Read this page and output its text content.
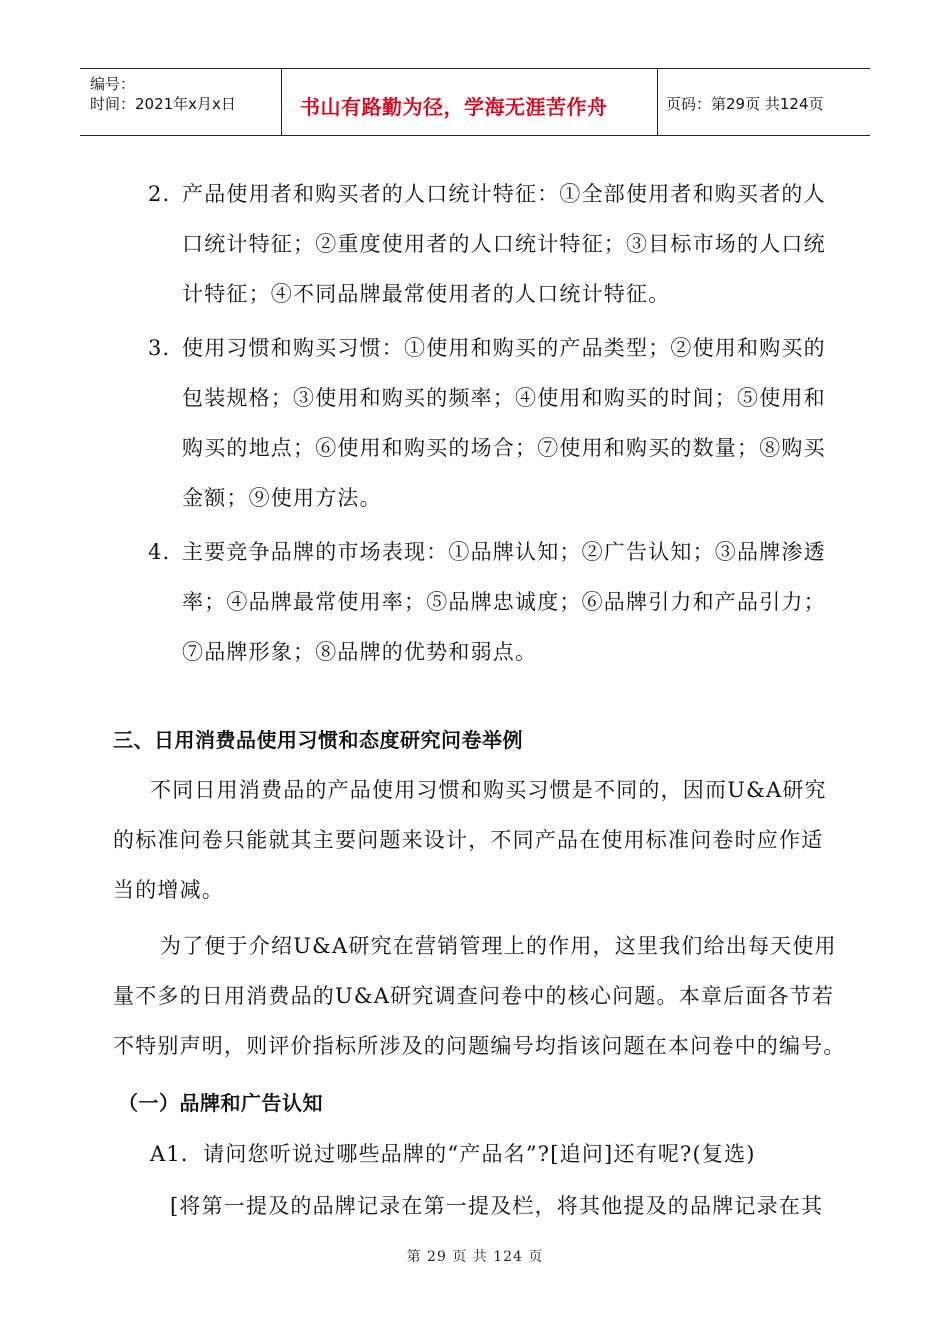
编号：
时间：2021年x月x日	书山有路勤为径，学海无涯苦作舟	页码：第29页 共124页
2. 产品使用者和购买者的人口统计特征：①全部使用者和购买者的人
口统计特征；②重度使用者的人口统计特征；③目标市场的人口统
计特征；④不同品牌最常使用者的人口统计特征。
3. 使用习惯和购买习惯：①使用和购买的产品类型；②使用和购买的
包装规格；③使用和购买的频率；④使用和购买的时间；⑤使用和
购买的地点；⑥使用和购买的场合；⑦使用和购买的数量；⑧购买
金额；⑨使用方法。
4. 主要竞争品牌的市场表现：①品牌认知；②广告认知；③品牌渗透
率；④品牌最常使用率；⑤品牌忠诚度；⑥品牌引力和产品引力；
⑦品牌形象；⑧品牌的优势和弱点。
三、日用消费品使用习惯和态度研究问卷举例
不同日用消费品的产品使用习惯和购买习惯是不同的，因而U&A研究
的标准问卷只能就其主要问题来设计，不同产品在使用标准问卷时应作适
当的增减。
为了便于介绍U&A研究在营销管理上的作用，这里我们给出每天使用
量不多的日用消费品的U&A研究调查问卷中的核心问题。本章后面各节若
不特别声明，则评价指标所涉及的问题编号均指该问题在本问卷中的编号。
（一）品牌和广告认知
A1．请问您听说过哪些品牌的“产品名”?[追问]还有呢?(复选)
[将第一提及的品牌记录在第一提及栏，将其他提及的品牌记录在其
第 29 页 共 124 页
